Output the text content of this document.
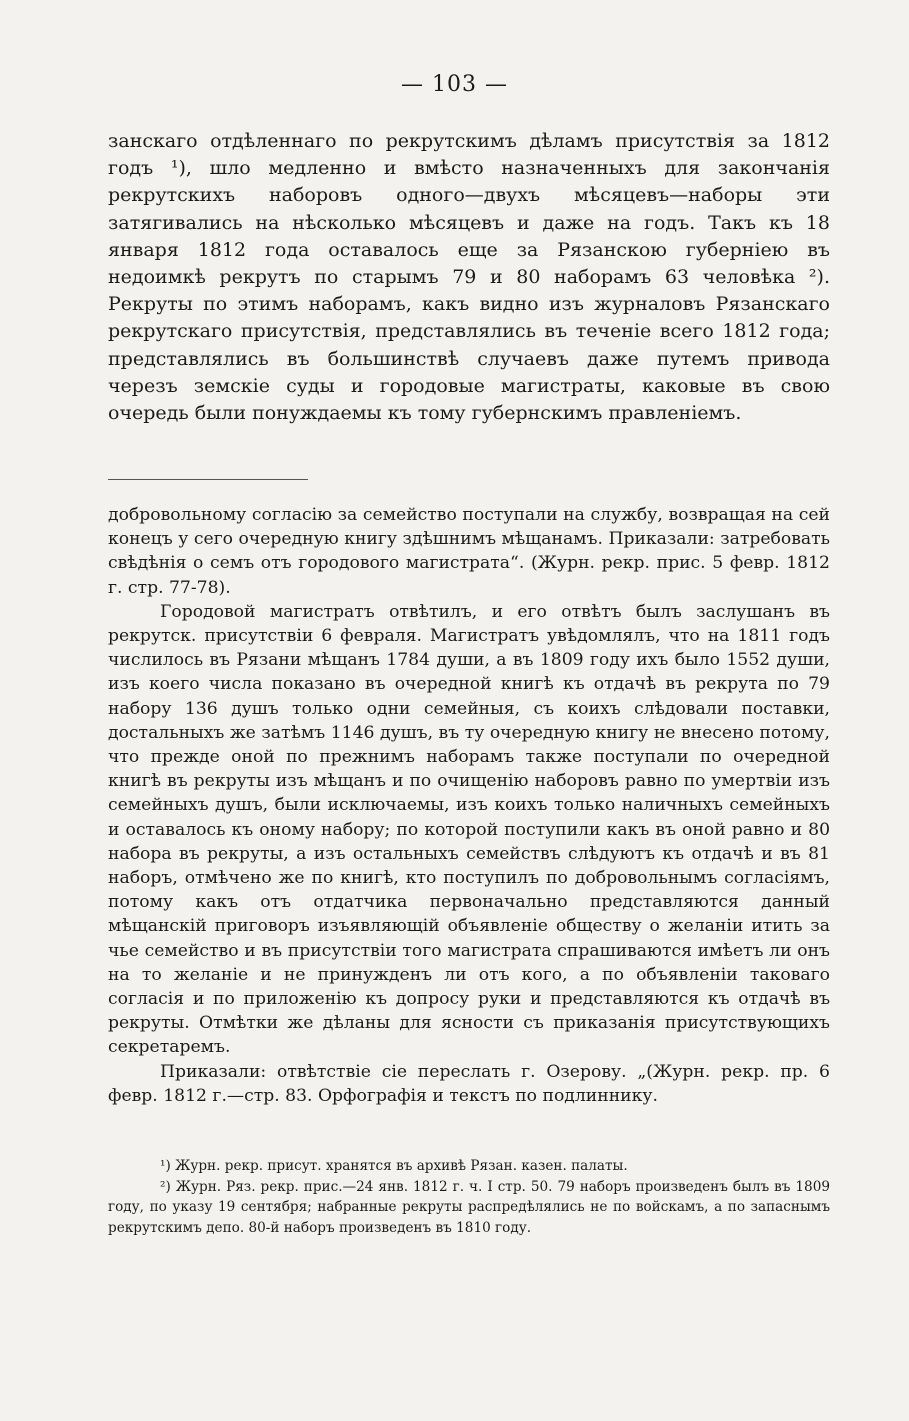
— 103 —

занскаго отдѣленнаго по рекрутскимъ дѣламъ присутствія за 1812 годъ ¹), шло медленно и вмѣсто назначенныхъ для закончанія рекрутскихъ наборовъ одного—двухъ мѣсяцевъ—наборы эти затягивались на нѣсколько мѣсяцевъ и даже на годъ. Такъ къ 18 января 1812 года оставалось еще за Рязанскою губерніею въ недоимкѣ рекрутъ по старымъ 79 и 80 наборамъ 63 человѣка ²). Рекруты по этимъ наборамъ, какъ видно изъ журналовъ Рязанскаго рекрутскаго присутствія, представлялись въ теченіе всего 1812 года; представлялись въ большинствѣ случаевъ даже путемъ привода черезъ земскіе суды и городовые магистраты, каковые въ свою очередь были понуждаемы къ тому губернскимъ правленіемъ.

добровольному согласію за семейство поступали на службу, возвращая на сей конецъ у сего очередную книгу здѣшнимъ мѣщанамъ. Приказали: затребовать свѣдѣнія о семъ отъ городового магистрата“. (Журн. рекр. прис. 5 февр. 1812 г. стр. 77‑78).

Городовой магистратъ отвѣтилъ, и его отвѣтъ былъ заслушанъ въ рекрутск. присутствіи 6 февраля. Магистратъ увѣдомлялъ, что на 1811 годъ числилось въ Рязани мѣщанъ 1784 души, а въ 1809 году ихъ было 1552 души, изъ коего числа показано въ очередной книгѣ къ отдачѣ въ рекрута по 79 набору 136 душъ только одни семейныя, съ коихъ слѣдовали поставки, достальныхъ же затѣмъ 1146 душъ, въ ту очередную книгу не внесено потому, что прежде оной по прежнимъ наборамъ также поступали по очередной книгѣ въ рекруты изъ мѣщанъ и по очищенію наборовъ равно по умертвіи изъ семейныхъ душъ, были исключаемы, изъ коихъ только наличныхъ семейныхъ и оставалось къ оному набору; по которой поступили какъ въ оной равно и 80 набора въ рекруты, а изъ остальныхъ семействъ слѣдуютъ къ отдачѣ и въ 81 наборъ, отмѣчено же по книгѣ, кто поступилъ по добровольнымъ согласіямъ, потому какъ отъ отдатчика первоначально представляются данный мѣщанскій приговоръ изъявляющій объявленіе обществу о желаніи итить за чье семейство и въ присутствіи того магистрата спрашиваются имѣетъ ли онъ на то желаніе и не принужденъ ли отъ кого, а по объявленіи таковаго согласія и по приложенію къ допросу руки и представляются къ отдачѣ въ рекруты. Отмѣтки же дѣланы для ясности съ приказанія присутствующихъ секретаремъ.

Приказали: отвѣтствіе сіе переслать г. Озерову. „(Журн. рекр. пр. 6 февр. 1812 г.—стр. 83. Орфографія и текстъ по подлиннику.

¹) Журн. рекр. присут. хранятся въ архивѣ Рязан. казен. палаты.

²) Журн. Ряз. рекр. прис.—24 янв. 1812 г. ч. I стр. 50. 79 наборъ произведенъ былъ въ 1809 году, по указу 19 сентября; набранные рекруты распредѣлялись не по войскамъ, а по запаснымъ рекрутскимъ депо. 80-й наборъ произведенъ въ 1810 году.
